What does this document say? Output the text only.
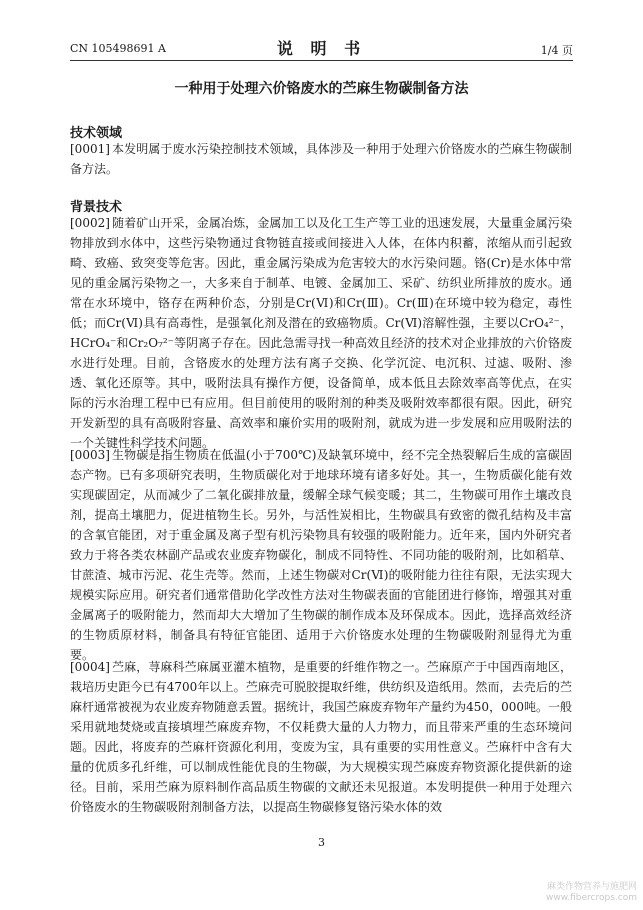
CN 105498691 A	说 明 书	1/4 页
一种用于处理六价铬废水的苎麻生物碳制备方法
技术领域
[0001] 本发明属于废水污染控制技术领域，具体涉及一种用于处理六价铬废水的苎麻生物碳制备方法。

背景技术
[0002] 随着矿山开采，金属冶炼，金属加工以及化工生产等工业的迅速发展，大量重金属污染物排放到水体中，这些污染物通过食物链直接或间接进入人体，在体内积蓄，浓缩从而引起致畸、致癌、致突变等危害。因此，重金属污染成为危害较大的水污染问题。铬(Cr)是水体中常见的重金属污染物之一，大多来自于制革、电镀、金属加工、采矿、纺织业所排放的废水。通常在水环境中，铬存在两种价态，分别是Cr(Ⅵ)和Cr(Ⅲ)。Cr(Ⅲ)在环境中较为稳定，毒性低；而Cr(Ⅵ)具有高毒性，是强氧化剂及潜在的致癌物质。Cr(Ⅵ)溶解性强，主要以CrO₄²⁻，HCrO₄⁻和Cr₂O₇²⁻等阴离子存在。因此急需寻找一种高效且经济的技术对企业排放的六价铬废水进行处理。目前，含铬废水的处理方法有离子交换、化学沉淀、电沉积、过滤、吸附、渗透、氧化还原等。其中，吸附法具有操作方便，设备简单，成本低且去除效率高等优点，在实际的污水治理工程中已有应用。但目前使用的吸附剂的种类及吸附效率都很有限。因此，研究开发新型的具有高吸附容量、高效率和廉价实用的吸附剂，就成为进一步发展和应用吸附法的一个关键性科学技术问题。

[0003] 生物碳是指生物质在低温(小于700℃)及缺氧环境中，经不完全热裂解后生成的富碳固态产物。已有多项研究表明，生物质碳化对于地球环境有诸多好处。其一，生物质碳化能有效实现碳固定，从而减少了二氧化碳排放量，缓解全球气候变暖；其二，生物碳可用作土壤改良剂，提高土壤肥力，促进植物生长。另外，与活性炭相比，生物碳具有致密的微孔结构及丰富的含氧官能团，对于重金属及离子型有机污染物具有较强的吸附能力。近年来，国内外研究者致力于将各类农林副产品或农业废弃物碳化，制成不同特性、不同功能的吸附剂，比如稻草、甘蔗渣、城市污泥、花生壳等。然而，上述生物碳对Cr(Ⅵ)的吸附能力往往有限，无法实现大规模实际应用。研究者们通常借助化学改性方法对生物碳表面的官能团进行修饰，增强其对重金属离子的吸附能力，然而却大大增加了生物碳的制作成本及环保成本。因此，选择高效经济的生物质原材料，制备具有特征官能团、适用于六价铬废水处理的生物碳吸附剂显得尤为重要。

[0004] 苎麻，荨麻科苎麻属亚灌木植物，是重要的纤维作物之一。苎麻原产于中国西南地区，栽培历史距今已有4700年以上。苎麻壳可脱胶提取纤维，供纺织及造纸用。然而，去壳后的苎麻杆通常被视为农业废弃物随意丢置。据统计，我国苎麻废弃物年产量约为450，000吨。一般采用就地焚烧或直接填埋苎麻废弃物，不仅耗费大量的人力物力，而且带来严重的生态环境问题。因此，将废弃的苎麻杆资源化利用，变废为宝，具有重要的实用性意义。苎麻杆中含有大量的优质多孔纤维，可以制成性能优良的生物碳，为大规模实现苎麻废弃物资源化提供新的途径。目前，采用苎麻为原料制作高品质生物碳的文献还未见报道。本发明提供一种用于处理六价铬废水的生物碳吸附剂制备方法，以提高生物碳修复铬污染水体的效

3
麻类作物营养与施肥网
www.fibercrops.com
